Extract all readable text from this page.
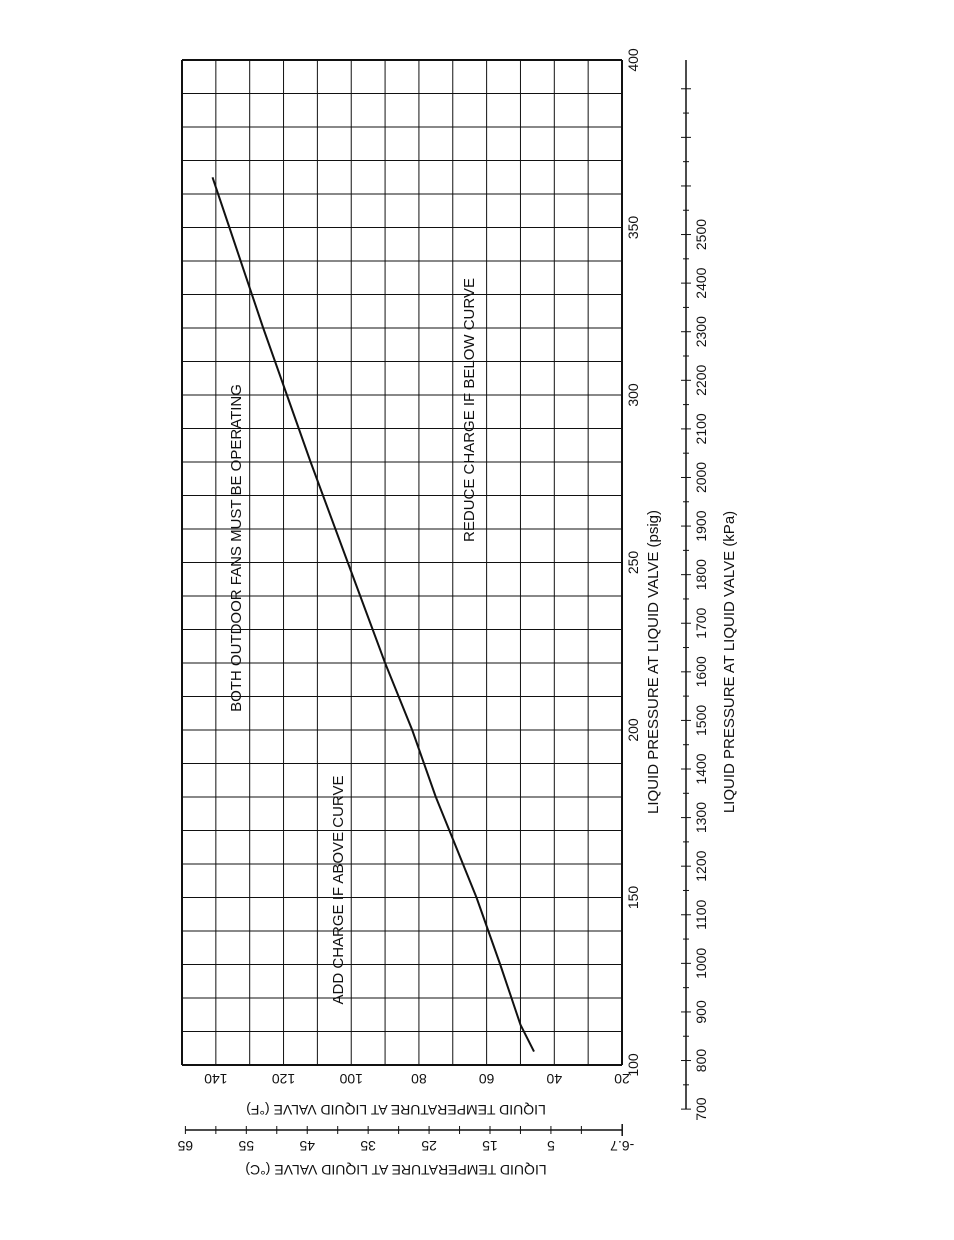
100
150
200
250
300
350
400
700
800
900
1000
1100
1200
1300
1400
1500
1600
1700
1800
1900
2000
2100
2200
2300
2400
2500
20
40
60
80
100
120
140
-6.7
5
15
25
35
45
55
65
BOTH OUTDOOR FANS MUST BE OPERATING
ADD CHARGE IF ABOVE CURVE
REDUCE CHARGE IF BELOW CURVE
LIQUID PRESSURE AT LIQUID VALVE (psig)	LIQUID PRESSURE AT LIQUID VALVE (kPa)
LIQUID TEMPERATURE AT LIQUID VALVE (°F)
LIQUID TEMPERATURE AT LIQUID VALVE (°C)
